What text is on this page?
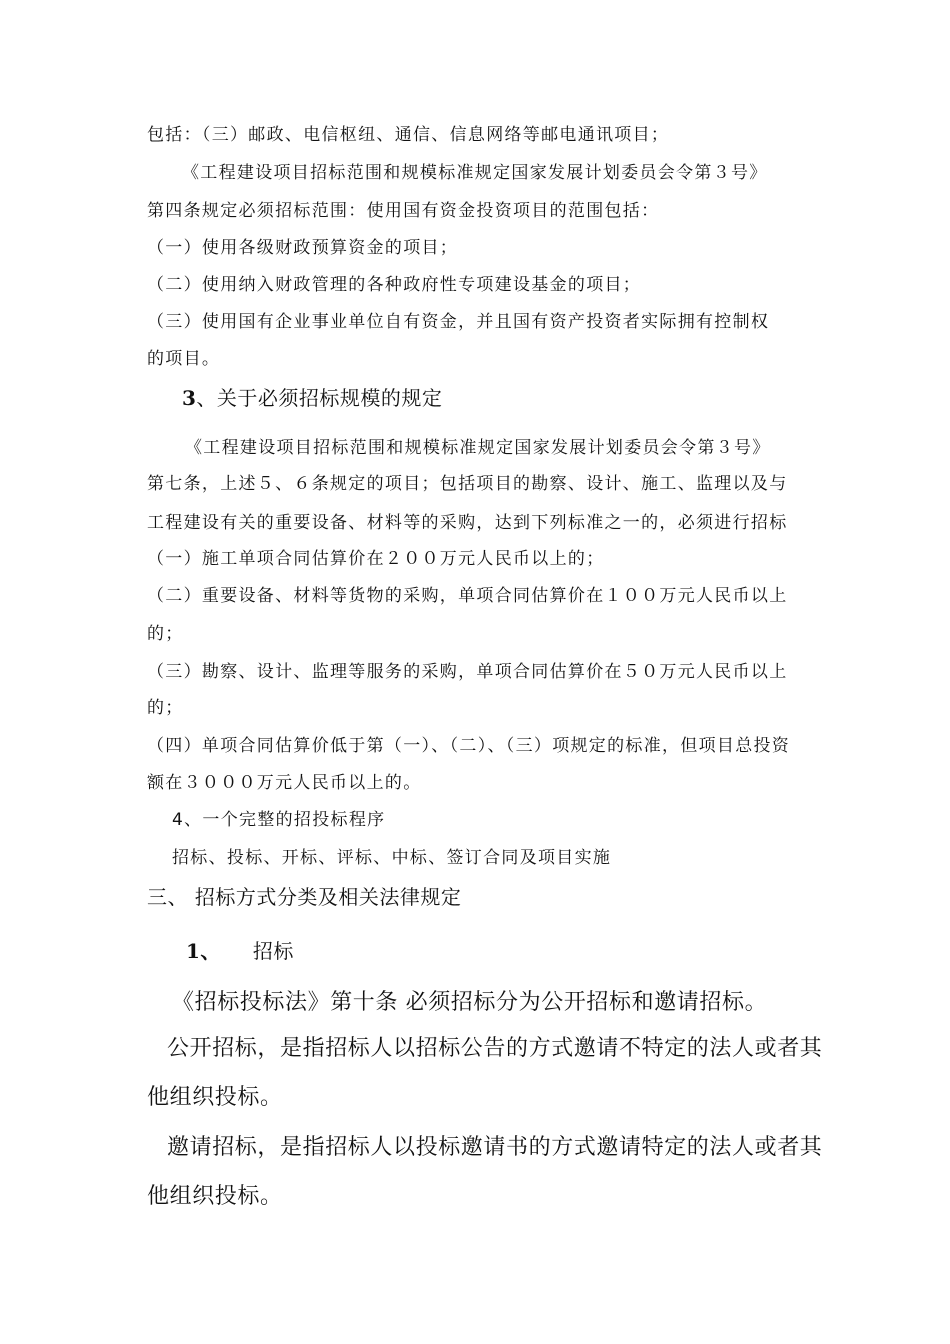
包括：（三）邮政、电信枢纽、通信、信息网络等邮电通讯项目；
《工程建设项目招标范围和规模标准规定国家发展计划委员会令第３号》
第四条规定必须招标范围：使用国有资金投资项目的范围包括：
（一）使用各级财政预算资金的项目；
（二）使用纳入财政管理的各种政府性专项建设基金的项目；
（三）使用国有企业事业单位自有资金，并且国有资产投资者实际拥有控制权
的项目。
3、关于必须招标规模的规定
《工程建设项目招标范围和规模标准规定国家发展计划委员会令第３号》
第七条，上述５、６条规定的项目；包括项目的勘察、设计、施工、监理以及与
工程建设有关的重要设备、材料等的采购，达到下列标准之一的，必须进行招标
（一）施工单项合同估算价在２００万元人民币以上的；
（二）重要设备、材料等货物的采购，单项合同估算价在１００万元人民币以上
的；
（三）勘察、设计、监理等服务的采购，单项合同估算价在５０万元人民币以上
的；
（四）单项合同估算价低于第（一）、（二）、（三）项规定的标准，但项目总投资
额在３０００万元人民币以上的。
4、一个完整的招投标程序
招标、投标、开标、评标、中标、签订合同及项目实施
三、 招标方式分类及相关法律规定
1、 招标
《招标投标法》第十条 必须招标分为公开招标和邀请招标。
公开招标，是指招标人以招标公告的方式邀请不特定的法人或者其
他组织投标。
邀请招标，是指招标人以投标邀请书的方式邀请特定的法人或者其
他组织投标。
